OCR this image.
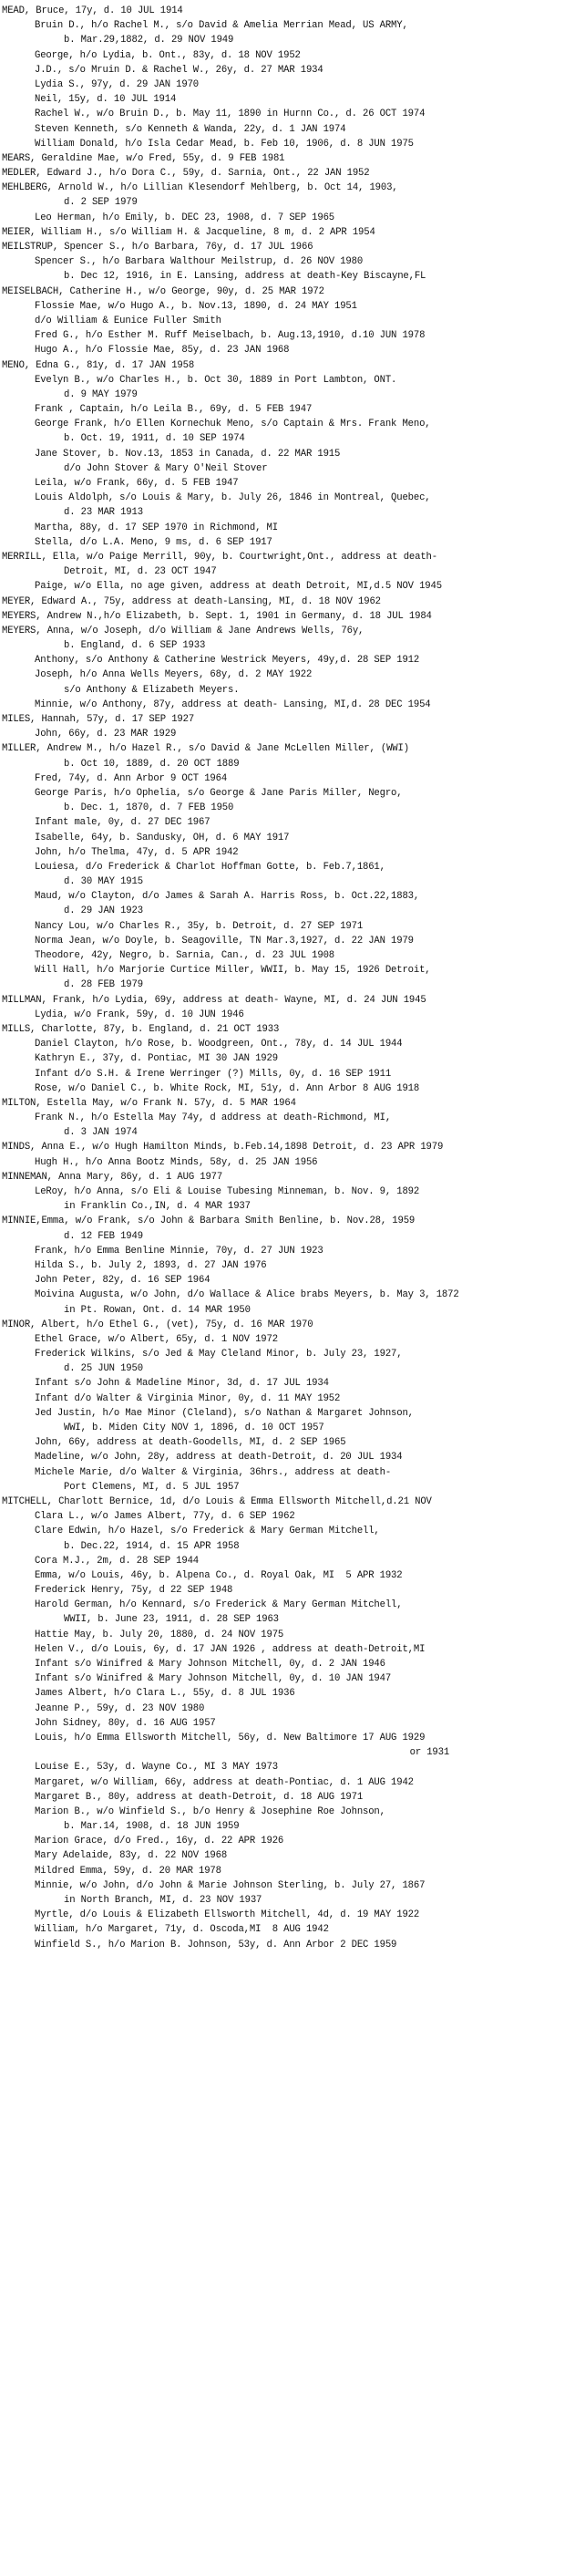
MEAD, Bruce, 17y, d. 10 JUL 1914
Bruin D., h/o Rachel M., s/o David & Amelia Merrian Mead, US ARMY,
b. Mar.29,1882, d. 29 NOV 1949
George, h/o Lydia, b. Ont., 83y, d. 18 NOV 1952
J.D., s/o Mruin D. & Rachel W., 26y, d. 27 MAR 1934
Lydia S., 97y, d. 29 JAN 1970
Neil, 15y, d. 10 JUL 1914
Rachel W., w/o Bruin D., b. May 11, 1890 in Hurnn Co., d. 26 OCT 1974
Steven Kenneth, s/o Kenneth & Wanda, 22y, d. 1 JAN 1974
William Donald, h/o Isla Cedar Mead, b. Feb 10, 1906, d. 8 JUN 1975
MEARS, Geraldine Mae, w/o Fred, 55y, d. 9 FEB 1981
MEDLER, Edward J., h/o Dora C., 59y, d. Sarnia, Ont., 22 JAN 1952
MEHLBERG, Arnold W., h/o Lillian Klesendorf Mehlberg, b. Oct 14, 1903,
d. 2 SEP 1979
Leo Herman, h/o Emily, b. DEC 23, 1908, d. 7 SEP 1965
MEIER, William H., s/o William H. & Jacqueline, 8 m, d. 2 APR 1954
MEILSTRUP, Spencer S., h/o Barbara, 76y, d. 17 JUL 1966
Spencer S., h/o Barbara Walthour Meilstrup, d. 26 NOV 1980
b. Dec 12, 1916, in E. Lansing, address at death-Key Biscayne,FL
MEISELBACH, Catherine H., w/o George, 90y, d. 25 MAR 1972
Flossie Mae, w/o Hugo A., b. Nov.13, 1890, d. 24 MAY 1951
d/o William & Eunice Fuller Smith
Fred G., h/o Esther M. Ruff Meiselbach, b. Aug.13,1910, d.10 JUN 1978
Hugo A., h/o Flossie Mae, 85y, d. 23 JAN 1968
MENO, Edna G., 81y, d. 17 JAN 1958
Evelyn B., w/o Charles H., b. Oct 30, 1889 in Port Lambton, ONT.
d. 9 MAY 1979
Frank , Captain, h/o Leila B., 69y, d. 5 FEB 1947
George Frank, h/o Ellen Kornechuk Meno, s/o Captain & Mrs. Frank Meno,
b. Oct. 19, 1911, d. 10 SEP 1974
Jane Stover, b. Nov.13, 1853 in Canada, d. 22 MAR 1915
d/o John Stover & Mary O'Neil Stover
Leila, w/o Frank, 66y, d. 5 FEB 1947
Louis Aldolph, s/o Louis & Mary, b. July 26, 1846 in Montreal, Quebec,
d. 23 MAR 1913
Martha, 88y, d. 17 SEP 1970 in Richmond, MI
Stella, d/o L.A. Meno, 9 ms, d. 6 SEP 1917
MERRILL, Ella, w/o Paige Merrill, 90y, b. Courtwright,Ont., address at death-
Detroit, MI, d. 23 OCT 1947
Paige, w/o Ella, no age given, address at death Detroit, MI,d.5 NOV 1945
MEYER, Edward A., 75y, address at death-Lansing, MI, d. 18 NOV 1962
MEYERS, Andrew N.,h/o Elizabeth, b. Sept. 1, 1901 in Germany, d. 18 JUL 1984
MEYERS, Anna, w/o Joseph, d/o William & Jane Andrews Wells, 76y,
b. England, d. 6 SEP 1933
Anthony, s/o Anthony & Catherine Westrick Meyers, 49y,d. 28 SEP 1912
Joseph, h/o Anna Wells Meyers, 68y, d. 2 MAY 1922
s/o Anthony & Elizabeth Meyers.
Minnie, w/o Anthony, 87y, address at death- Lansing, MI,d. 28 DEC 1954
MILES, Hannah, 57y, d. 17 SEP 1927
John, 66y, d. 23 MAR 1929
MILLER, Andrew M., h/o Hazel R., s/o David & Jane McLellen Miller, (WWI)
b. Oct 10, 1889, d. 20 OCT 1889
Fred, 74y, d. Ann Arbor 9 OCT 1964
George Paris, h/o Ophelia, s/o George & Jane Paris Miller, Negro,
b. Dec. 1, 1870, d. 7 FEB 1950
Infant male, 0y, d. 27 DEC 1967
Isabelle, 64y, b. Sandusky, OH, d. 6 MAY 1917
John, h/o Thelma, 47y, d. 5 APR 1942
Louiesa, d/o Frederick & Charlot Hoffman Gotte, b. Feb.7,1861,
d. 30 MAY 1915
Maud, w/o Clayton, d/o James & Sarah A. Harris Ross, b. Oct.22,1883,
d. 29 JAN 1923
Nancy Lou, w/o Charles R., 35y, b. Detroit, d. 27 SEP 1971
Norma Jean, w/o Doyle, b. Seagoville, TN Mar.3,1927, d. 22 JAN 1979
Theodore, 42y, Negro, b. Sarnia, Can., d. 23 JUL 1908
Will Hall, h/o Marjorie Curtice Miller, WWII, b. May 15, 1926 Detroit,
d. 28 FEB 1979
MILLMAN, Frank, h/o Lydia, 69y, address at death- Wayne, MI, d. 24 JUN 1945
Lydia, w/o Frank, 59y, d. 10 JUN 1946
MILLS, Charlotte, 87y, b. England, d. 21 OCT 1933
Daniel Clayton, h/o Rose, b. Woodgreen, Ont., 78y, d. 14 JUL 1944
Kathryn E., 37y, d. Pontiac, MI 30 JAN 1929
Infant d/o S.H. & Irene Werringer (?) Mills, 0y, d. 16 SEP 1911
Rose, w/o Daniel C., b. White Rock, MI, 51y, d. Ann Arbor 8 AUG 1918
MILTON, Estella May, w/o Frank N. 57y, d. 5 MAR 1964
Frank N., h/o Estella May 74y, d address at death-Richmond, MI,
d. 3 JAN 1974
MINDS, Anna E., w/o Hugh Hamilton Minds, b.Feb.14,1898 Detroit, d. 23 APR 1979
Hugh H., h/o Anna Bootz Minds, 58y, d. 25 JAN 1956
MINNEMAN, Anna Mary, 86y, d. 1 AUG 1977
LeRoy, h/o Anna, s/o Eli & Louise Tubesing Minneman, b. Nov. 9, 1892
in Franklin Co.,IN, d. 4 MAR 1937
MINNIE,Emma, w/o Frank, s/o John & Barbara Smith Benline, b. Nov.28, 1959
d. 12 FEB 1949
Frank, h/o Emma Benline Minnie, 70y, d. 27 JUN 1923
Hilda S., b. July 2, 1893, d. 27 JAN 1976
John Peter, 82y, d. 16 SEP 1964
Moivina Augusta, w/o John, d/o Wallace & Alice brabs Meyers, b. May 3, 1872
in Pt. Rowan, Ont. d. 14 MAR 1950
MINOR, Albert, h/o Ethel G., (vet), 75y, d. 16 MAR 1970
Ethel Grace, w/o Albert, 65y, d. 1 NOV 1972
Frederick Wilkins, s/o Jed & May Cleland Minor, b. July 23, 1927,
d. 25 JUN 1950
Infant s/o John & Madeline Minor, 3d, d. 17 JUL 1934
Infant d/o Walter & Virginia Minor, 0y, d. 11 MAY 1952
Jed Justin, h/o Mae Minor (Cleland), s/o Nathan & Margaret Johnson,
WWI, b. Miden City NOV 1, 1896, d. 10 OCT 1957
John, 66y, address at death-Goodells, MI, d. 2 SEP 1965
Madeline, w/o John, 28y, address at death-Detroit, d. 20 JUL 1934
Michele Marie, d/o Walter & Virginia, 36hrs., address at death-
Port Clemens, MI, d. 5 JUL 1957
MITCHELL, Charlott Bernice, 1d, d/o Louis & Emma Ellsworth Mitchell,d.21 NOV
Clara L., w/o James Albert, 77y, d. 6 SEP 1962
Clare Edwin, h/o Hazel, s/o Frederick & Mary German Mitchell,
b. Dec.22, 1914, d. 15 APR 1958
Cora M.J., 2m, d. 28 SEP 1944
Emma, w/o Louis, 46y, b. Alpena Co., d. Royal Oak, MI  5 APR 1932
Frederick Henry, 75y, d 22 SEP 1948
Harold German, h/o Kennard, s/o Frederick & Mary German Mitchell,
WWII, b. June 23, 1911, d. 28 SEP 1963
Hattie May, b. July 20, 1880, d. 24 NOV 1975
Helen V., d/o Louis, 6y, d. 17 JAN 1926 , address at death-Detroit,MI
Infant s/o Winifred & Mary Johnson Mitchell, 0y, d. 2 JAN 1946
Infant s/o Winifred & Mary Johnson Mitchell, 0y, d. 10 JAN 1947
James Albert, h/o Clara L., 55y, d. 8 JUL 1936
Jeanne P., 59y, d. 23 NOV 1980
John Sidney, 80y, d. 16 AUG 1957
Louis, h/o Emma Ellsworth Mitchell, 56y, d. New Baltimore 17 AUG 1929
or 1931
Louise E., 53y, d. Wayne Co., MI 3 MAY 1973
Margaret, w/o William, 66y, address at death-Pontiac, d. 1 AUG 1942
Margaret B., 80y, address at death-Detroit, d. 18 AUG 1971
Marion B., w/o Winfield S., b/o Henry & Josephine Roe Johnson,
b. Mar.14, 1908, d. 18 JUN 1959
Marion Grace, d/o Fred., 16y, d. 22 APR 1926
Mary Adelaide, 83y, d. 22 NOV 1968
Mildred Emma, 59y, d. 20 MAR 1978
Minnie, w/o John, d/o John & Marie Johnson Sterling, b. July 27, 1867
in North Branch, MI, d. 23 NOV 1937
Myrtle, d/o Louis & Elizabeth Ellsworth Mitchell, 4d, d. 19 MAY 1922
William, h/o Margaret, 71y, d. Oscoda,MI  8 AUG 1942
Winfield S., h/o Marion B. Johnson, 53y, d. Ann Arbor 2 DEC 1959
